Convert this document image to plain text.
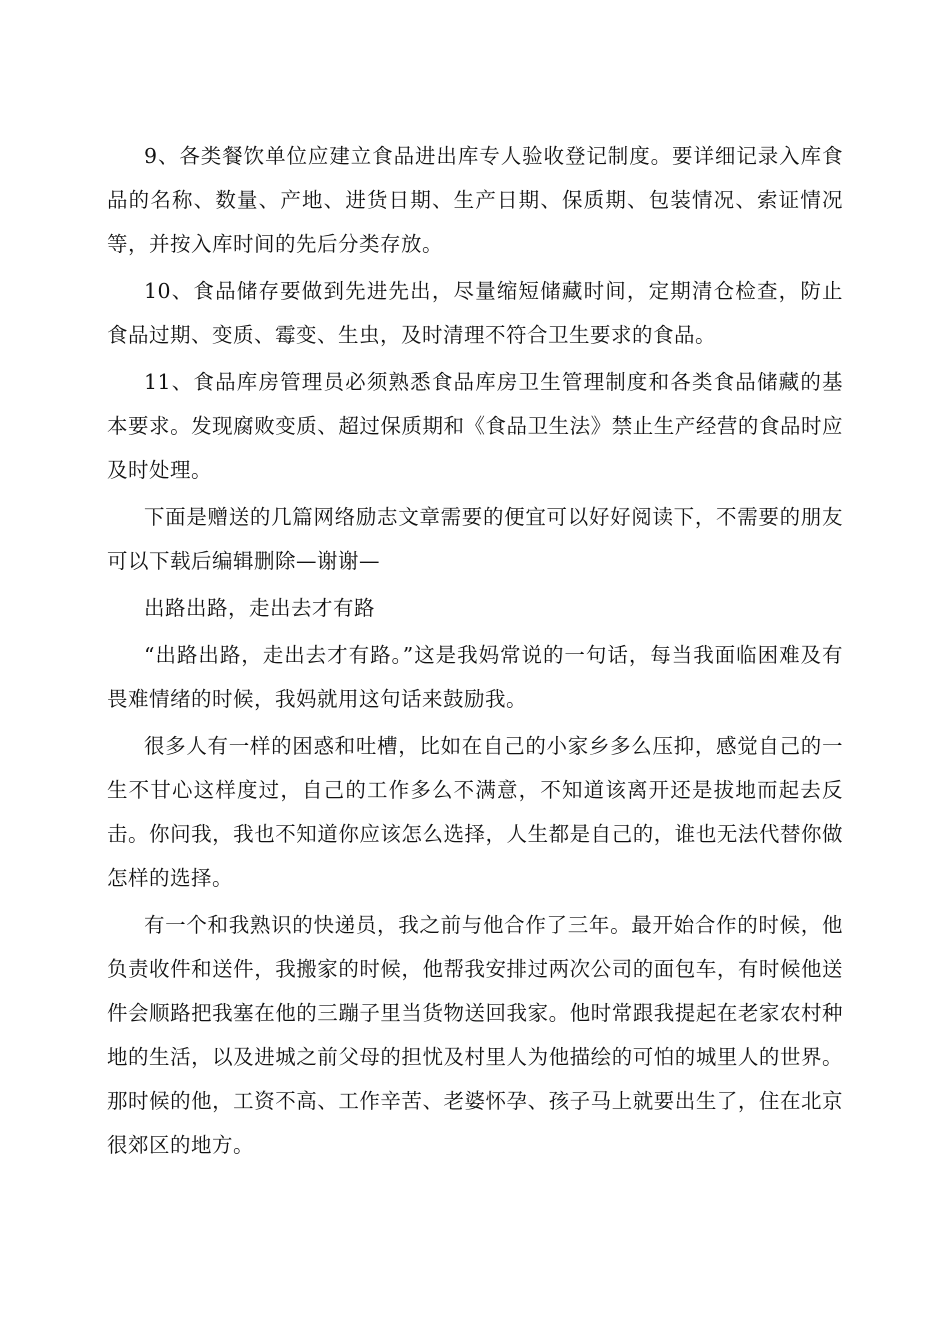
9、各类餐饮单位应建立食品进出库专人验收登记制度。要详细记录入库食品的名称、数量、产地、进货日期、生产日期、保质期、包装情况、索证情况等，并按入库时间的先后分类存放。

10、食品储存要做到先进先出，尽量缩短储藏时间，定期清仓检查，防止食品过期、变质、霉变、生虫，及时清理不符合卫生要求的食品。

11、食品库房管理员必须熟悉食品库房卫生管理制度和各类食品储藏的基本要求。发现腐败变质、超过保质期和《食品卫生法》禁止生产经营的食品时应及时处理。

下面是赠送的几篇网络励志文章需要的便宜可以好好阅读下，不需要的朋友可以下载后编辑删除—谢谢—

出路出路，走出去才有路

“出路出路，走出去才有路。”这是我妈常说的一句话，每当我面临困难及有畏难情绪的时候，我妈就用这句话来鼓励我。

很多人有一样的困惑和吐槽，比如在自己的小家乡多么压抑，感觉自己的一生不甘心这样度过，自己的工作多么不满意，不知道该离开还是拔地而起去反击。你问我，我也不知道你应该怎么选择，人生都是自己的，谁也无法代替你做怎样的选择。

有一个和我熟识的快递员，我之前与他合作了三年。最开始合作的时候，他负责收件和送件，我搬家的时候，他帮我安排过两次公司的面包车，有时候他送件会顺路把我塞在他的三蹦子里当货物送回我家。他时常跟我提起在老家农村种地的生活，以及进城之前父母的担忧及村里人为他描绘的可怕的城里人的世界。那时候的他，工资不高、工作辛苦、老婆怀孕、孩子马上就要出生了，住在北京很郊区的地方。
